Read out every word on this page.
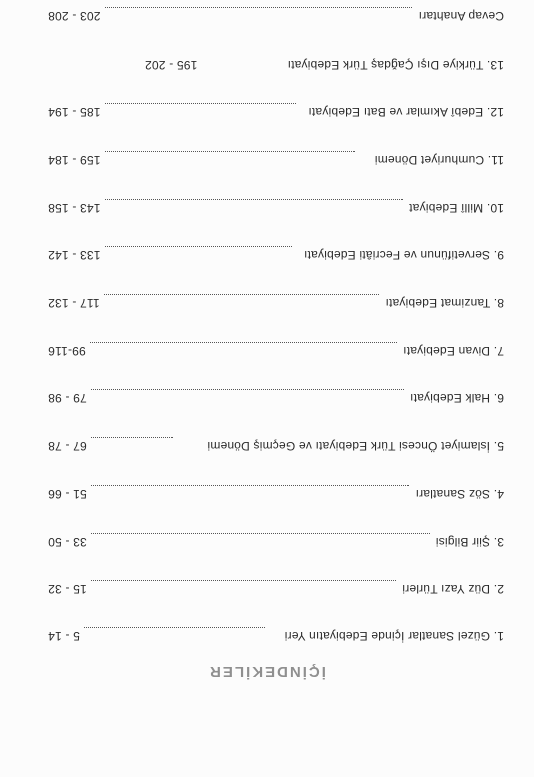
İÇİNDEKİLER
1. Güzel Sanatlar İçinde Edebiyatın Yeri
5 - 14
2. Düz Yazı Türleri
15 - 32
3. Şiir Bilgisi
33 - 50
4. Söz Sanatları
51 - 66
5. İslamiyet Öncesi Türk Edebiyatı ve Geçmiş Dönemi
67 - 78
6. Halk Edebiyatı
79 - 98
7. Divan Edebiyatı
99-116
8. Tanzimat Edebiyatı
117 - 132
9. Servetifünun ve Fecriâti Edebiyatı
133 - 142
10. Millî Edebiyat
143 - 158
11. Cumhuriyet Dönemi
159 - 184
12. Edebî Akımlar ve Batı Edebiyatı
185 - 194
13. Türkiye Dışı Çağdaş Türk Edebiyatı
195 - 202
Cevap Anahtarı
203 - 208
